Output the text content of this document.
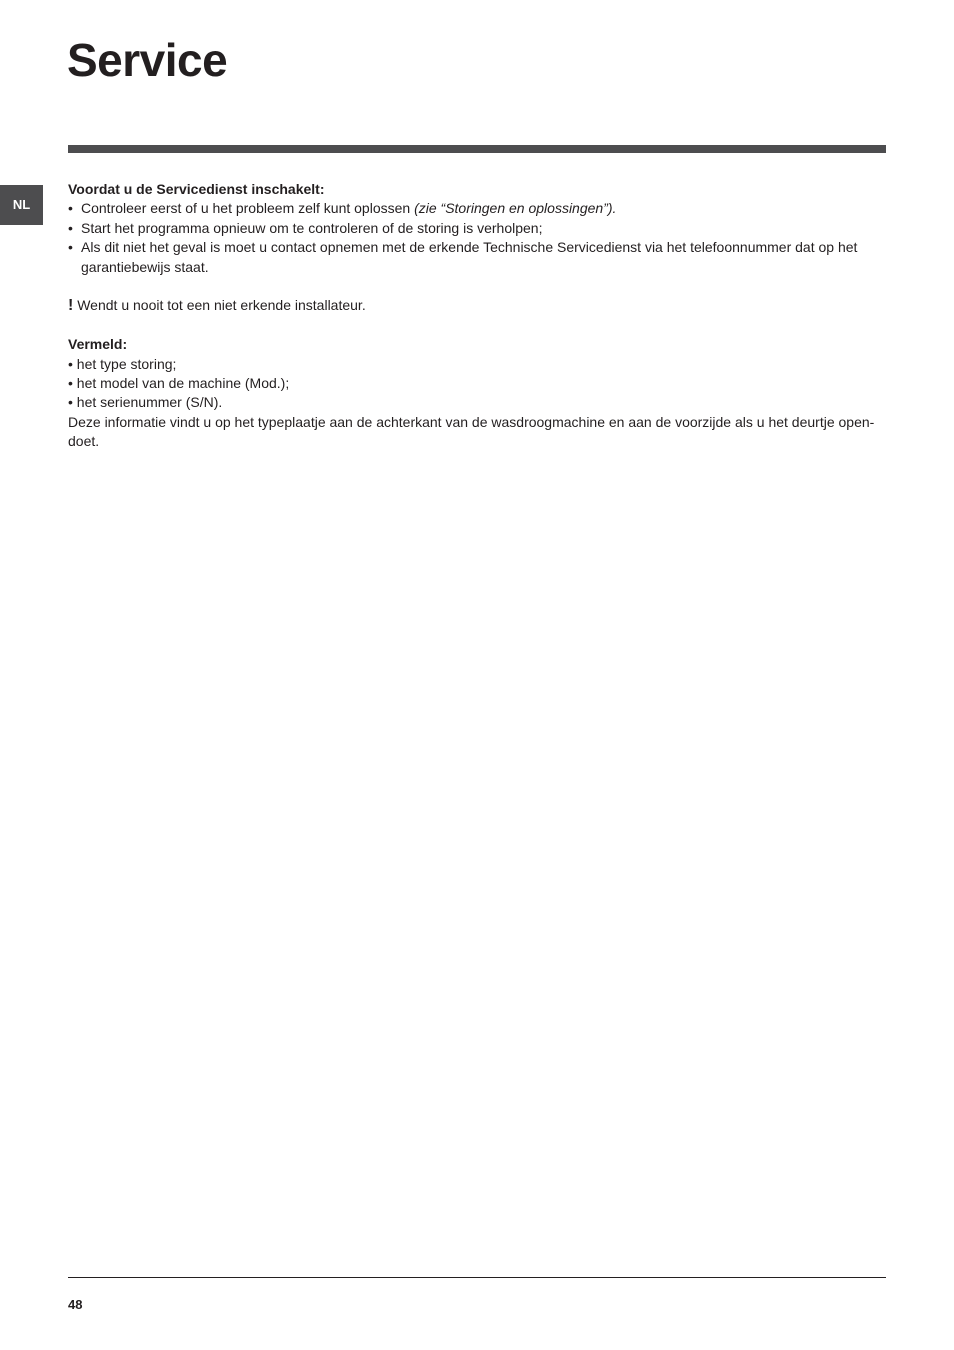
Service
NL

Voordat u de Servicedienst inschakelt:

• Controleer eerst of u het probleem zelf kunt oplossen (zie “Storingen en oplossingen”).
• Start het programma opnieuw om te controleren of de storing is verholpen;
• Als dit niet het geval is moet u contact opnemen met de erkende Technische Servicedienst via het telefoonnummer dat op het garantiebewijs staat.

! Wendt u nooit tot een niet erkende installateur.

Vermeld:

• het type storing;

• het model van de machine (Mod.);

• het serienummer (S/N).

Deze informatie vindt u op het typeplaatje aan de achterkant van de wasdroogmachine en aan de voorzijde als u het deurtje open-doet.

48
